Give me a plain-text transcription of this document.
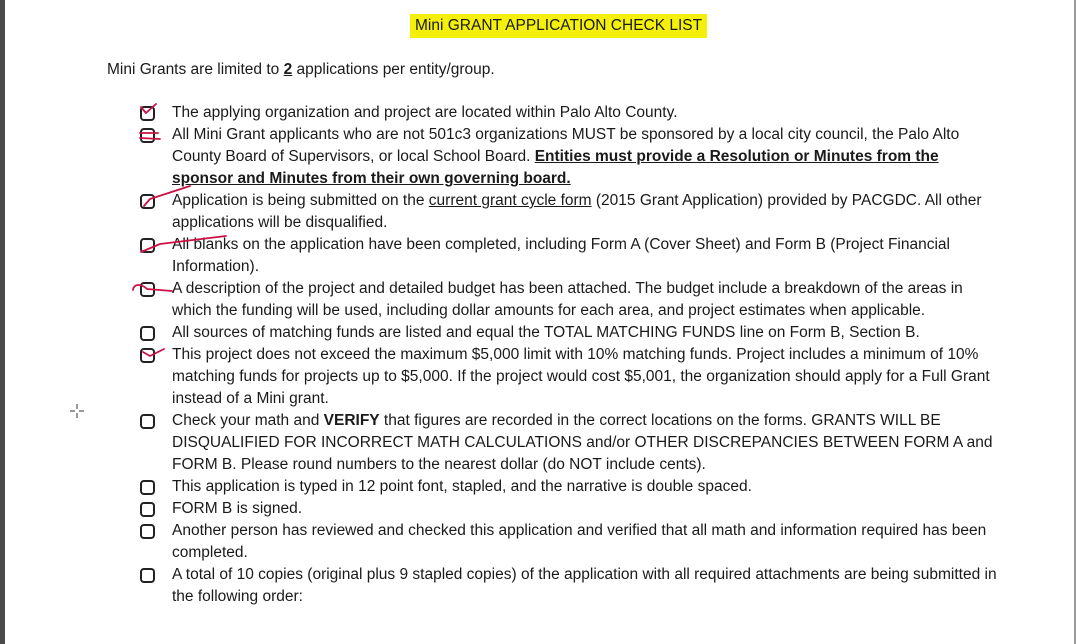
Mini GRANT APPLICATION CHECK LIST
Mini Grants are limited to 2 applications per entity/group.
The applying organization and project are located within Palo Alto County.
All Mini Grant applicants who are not 501c3 organizations MUST be sponsored by a local city council, the Palo Alto County Board of Supervisors, or local School Board. Entities must provide a Resolution or Minutes from the sponsor and Minutes from their own governing board.
Application is being submitted on the current grant cycle form (2015 Grant Application) provided by PACGDC. All other applications will be disqualified.
All blanks on the application have been completed, including Form A (Cover Sheet) and Form B (Project Financial Information).
A description of the project and detailed budget has been attached. The budget include a breakdown of the areas in which the funding will be used, including dollar amounts for each area, and project estimates when applicable.
All sources of matching funds are listed and equal the TOTAL MATCHING FUNDS line on Form B, Section B.
This project does not exceed the maximum $5,000 limit with 10% matching funds. Project includes a minimum of 10% matching funds for projects up to $5,000. If the project would cost $5,001, the organization should apply for a Full Grant instead of a Mini grant.
Check your math and VERIFY that figures are recorded in the correct locations on the forms. GRANTS WILL BE DISQUALIFIED FOR INCORRECT MATH CALCULATIONS and/or OTHER DISCREPANCIES BETWEEN FORM A and FORM B. Please round numbers to the nearest dollar (do NOT include cents).
This application is typed in 12 point font, stapled, and the narrative is double spaced.
FORM B is signed.
Another person has reviewed and checked this application and verified that all math and information required has been completed.
A total of 10 copies (original plus 9 stapled copies) of the application with all required attachments are being submitted in the following order:
